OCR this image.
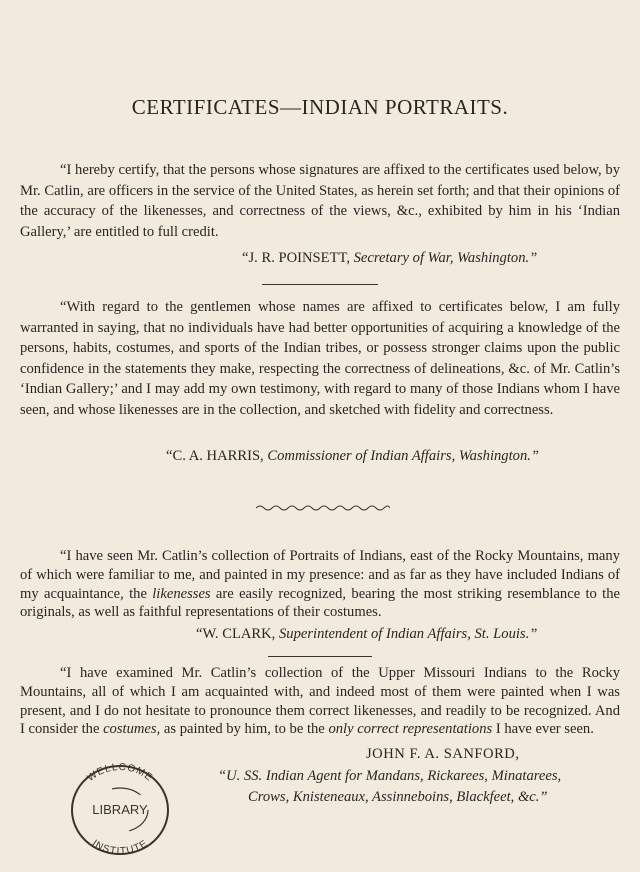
CERTIFICATES—INDIAN PORTRAITS.
“I hereby certify, that the persons whose signatures are affixed to the certificates used below, by Mr. Catlin, are officers in the service of the United States, as herein set forth; and that their opinions of the accuracy of the likenesses, and correctness of the views, &c., exhibited by him in his ‘Indian Gallery,’ are entitled to full credit.
“J. R. POINSETT, Secretary of War, Washington.”
“With regard to the gentlemen whose names are affixed to certificates below, I am fully warranted in saying, that no individuals have had better opportunities of acquiring a knowledge of the persons, habits, costumes, and sports of the Indian tribes, or possess stronger claims upon the public confidence in the statements they make, respecting the correctness of delineations, &c. of Mr. Catlin’s ‘Indian Gallery;’ and I may add my own testimony, with regard to many of those Indians whom I have seen, and whose likenesses are in the collection, and sketched with fidelity and correctness.
“C. A. HARRIS, Commissioner of Indian Affairs, Washington.”
“I have seen Mr. Catlin’s collection of Portraits of Indians, east of the Rocky Mountains, many of which were familiar to me, and painted in my presence: and as far as they have included Indians of my acquaintance, the likenesses are easily recognized, bearing the most striking resemblance to the originals, as well as faithful representations of their costumes.
“W. CLARK, Superintendent of Indian Affairs, St. Louis.”
“I have examined Mr. Catlin’s collection of the Upper Missouri Indians to the Rocky Mountains, all of which I am acquainted with, and indeed most of them were painted when I was present, and I do not hesitate to pronounce them correct likenesses, and readily to be recognized. And I consider the costumes, as painted by him, to be the only correct representations I have ever seen.
JOHN F. A. SANFORD,
“U. SS. Indian Agent for Mandans, Rickarees, Minatarees,
Crows, Knisteneaux, Assinneboins, Blackfeet, &c.”
WELLCOME
LIBRARY
INSTITUTE
